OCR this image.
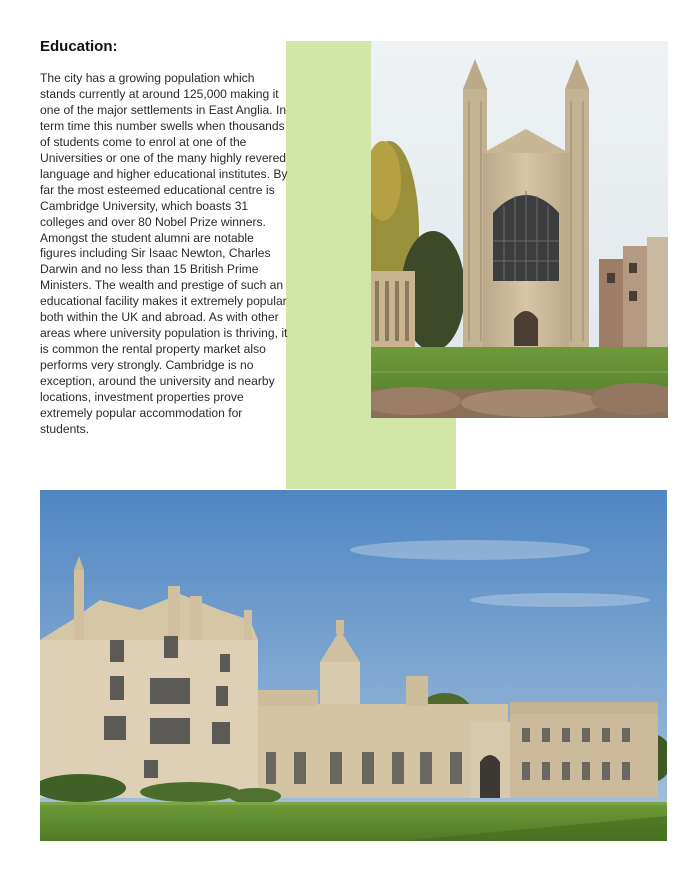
Education:

The city has a growing population which stands currently at around 125,000 making it one of the major settlements in East Anglia. In term time this number swells when thousands of students come to enrol at one of the Universities or one of the many highly revered language and higher educational institutes. By far the most esteemed educational centre is Cambridge University, which boasts 31 colleges and over 80 Nobel Prize winners. Amongst the student alumni are notable figures including Sir Isaac Newton, Charles Darwin and no less than 15 British Prime Ministers. The wealth and prestige of such an educational facility makes it extremely popular both within the UK and abroad. As with other areas where university population is thriving, it is common the rental property market also performs very strongly. Cambridge is no exception, around the university and nearby locations, investment properties prove extremely popular accommodation for students.
